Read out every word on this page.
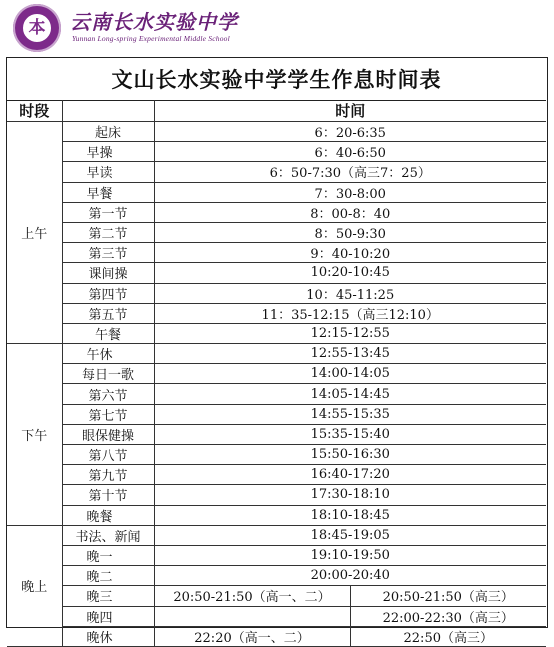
本	云南长水实验中学
Yunnan Long-spring Experimental Middle School
文山长水实验中学学生作息时间表
时段		时间	
上午	起床	6：20-6:35	
	早操	6：40-6:50	
	早读	6：50-7:30（高三7：25）	
	早餐	7：30-8:00	
	第一节	8：00-8：40	
	第二节	8：50-9:30	
	第三节	9：40-10:20	
	课间操	10:20-10:45	
	第四节	10：45-11:25	
	第五节	11：35-12:15（高三12:10）	
	午餐	12:15-12:55	
下午	午休	12:55-13:45	
	每日一歌	14:00-14:05	
	第六节	14:05-14:45	
	第七节	14:55-15:35	
	眼保健操	15:35-15:40	
	第八节	15:50-16:30	
	第九节	16:40-17:20	
	第十节	17:30-18:10	
	晚餐	18:10-18:45	
晚上	书法、新闻	18:45-19:05	
	晚一	19:10-19:50	
	晚二	20:00-20:40	
	晚三	20:50-21:50（高一、二）	20:50-21:50（高三）
	晚四		22:00-22:30（高三）
	晚休	22:20（高一、二）	22:50（高三）
